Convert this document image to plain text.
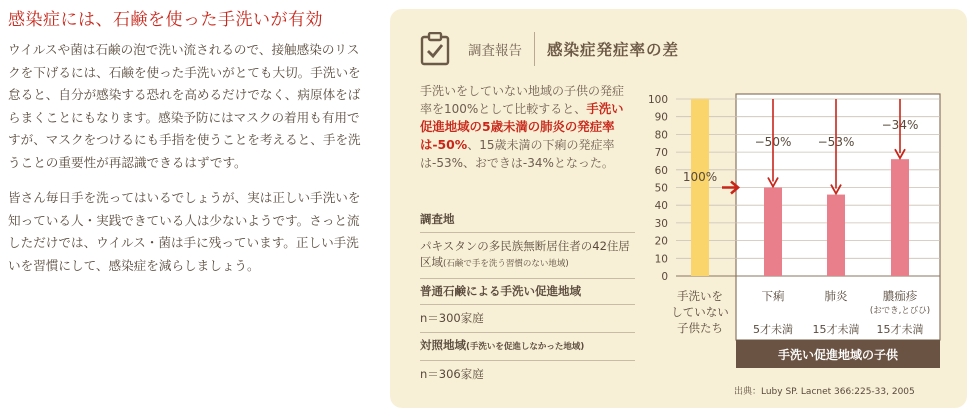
感染症には、石鹸を使った手洗いが有効

ウイルスや菌は石鹸の泡で洗い流されるので、接触感染のリスクを下げるには、石鹸を使った手洗いがとても大切。手洗いを怠ると、自分が感染する恐れを高めるだけでなく、病原体をばらまくことにもなります。感染予防にはマスクの着用も有用ですが、マスクをつけるにも手指を使うことを考えると、手を洗うことの重要性が再認識できるはずです。

皆さん毎日手を洗ってはいるでしょうが、実は正しい手洗いを知っている人・実践できている人は少ないようです。さっと流しただけでは、ウイルス・菌は手に残っています。正しい手洗いを習慣にして、感染症を減らしましょう。

調査報告 感染症発症率の差
手洗いをしていない地域の子供の発症率を100%として比較すると、手洗い促進地域の5歳未満の肺炎の発症率は-50%、15歳未満の下痢の発症率は-53%、おできは-34%となった。
調査地
パキスタンの多民族無断居住者の42住居区域(石鹸で手を洗う習慣のない地域)
普通石鹸による手洗い促進地域
n＝300家庭
対照地域(手洗いを促進しなかった地域)
n＝306家庭
0
10
20
30
40
50
60
70
80
90
100
手洗いを
していない
子供たち
100%
下痢
5才未満
−50%
肺炎
15才未満
−53%
膿痂疹
(おでき,とびひ)
15才未満
−34%
手洗い促進地域の子供
出典：Luby SP. Lacnet 366:225-33, 2005
